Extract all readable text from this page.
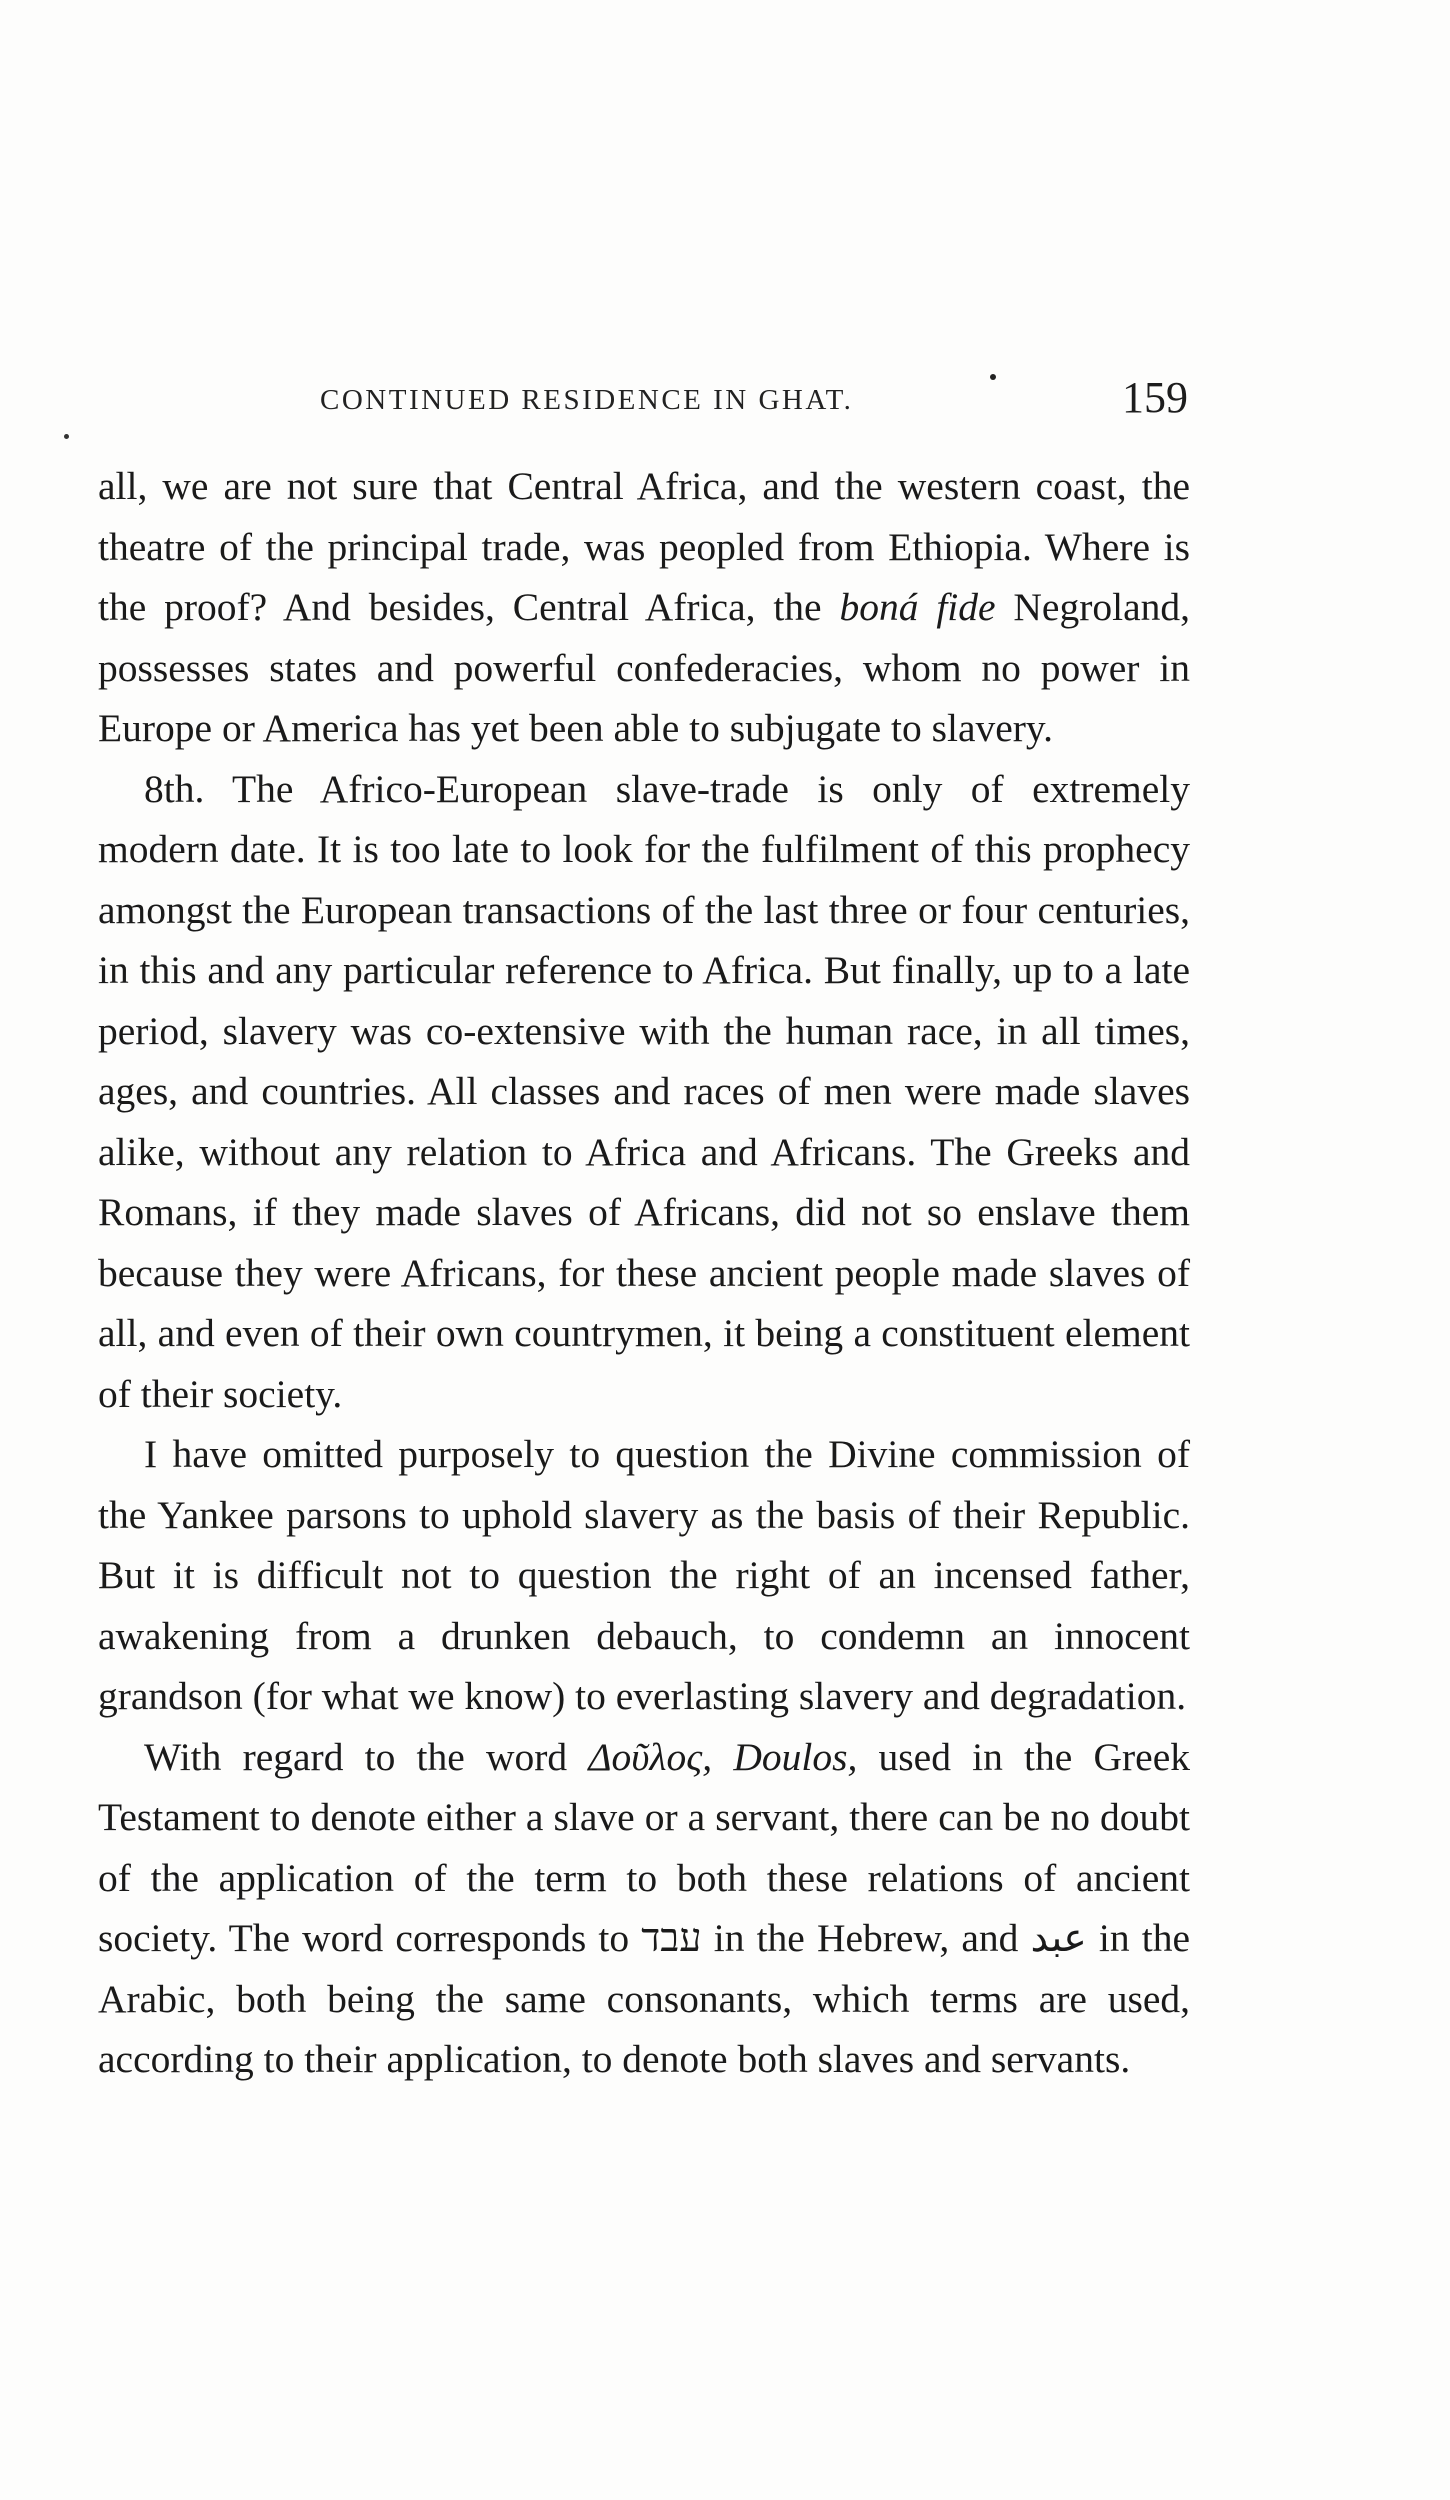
CONTINUED RESIDENCE IN GHAT.	159

all, we are not sure that Central Africa, and the western coast, the theatre of the principal trade, was peopled from Ethiopia. Where is the proof? And besides, Central Africa, the boná fide Negroland, possesses states and powerful confederacies, whom no power in Europe or America has yet been able to subjugate to slavery.

8th. The Africo-European slave-trade is only of extremely modern date. It is too late to look for the fulfilment of this prophecy amongst the European transactions of the last three or four centuries, in this and any particular reference to Africa. But finally, up to a late period, slavery was co-extensive with the human race, in all times, ages, and countries. All classes and races of men were made slaves alike, without any relation to Africa and Africans. The Greeks and Romans, if they made slaves of Africans, did not so enslave them because they were Africans, for these ancient people made slaves of all, and even of their own countrymen, it being a constituent element of their society.

I have omitted purposely to question the Divine commission of the Yankee parsons to uphold slavery as the basis of their Republic. But it is difficult not to question the right of an incensed father, awakening from a drunken debauch, to condemn an innocent grandson (for what we know) to everlasting slavery and degradation.

With regard to the word Δοῦλος, Doulos, used in the Greek Testament to denote either a slave or a servant, there can be no doubt of the application of the term to both these relations of ancient society. The word corresponds to עבד in the Hebrew, and عبد in the Arabic, both being the same consonants, which terms are used, according to their application, to denote both slaves and servants.
